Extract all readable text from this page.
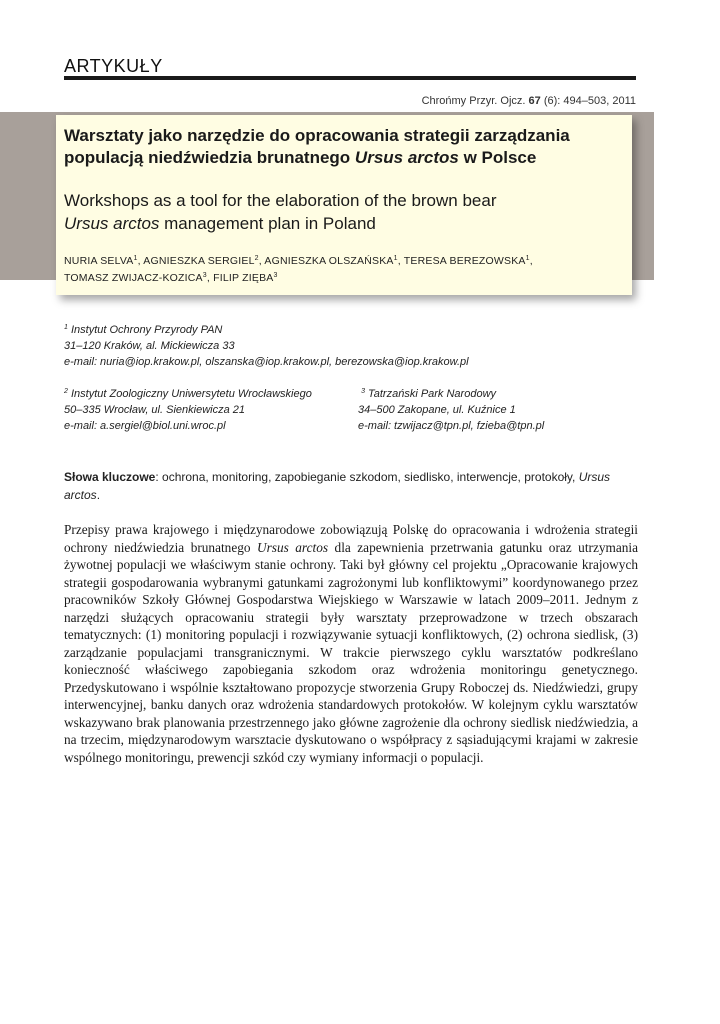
ARTYKUŁY
Chrońmy Przyr. Ojcz. 67 (6): 494–503, 2011
Warsztaty jako narzędzie do opracowania strategii zarządzania
populacją niedźwiedzia brunatnego Ursus arctos w Polsce
Workshops as a tool for the elaboration of the brown bear
Ursus arctos management plan in Poland
NURIA SELVA$^1$, AGNIESZKA SERGIEL$^2$, AGNIESZKA OLSZAŃSKA$^1$, TERESA BEREZOWSKA$^1$,
TOMASZ ZWIJACZ-KOZICA$^3$, FILIP ZIĘBA$^3$
$^1$ Instytut Ochrony Przyrody PAN
31–120 Kraków, al. Mickiewicza 33
e-mail: nuria@iop.krakow.pl, olszanska@iop.krakow.pl, berezowska@iop.krakow.pl
$^2$ Instytut Zoologiczny Uniwersytetu Wrocławskiego
50–335 Wrocław, ul. Sienkiewicza 21
e-mail: a.sergiel@biol.uni.wroc.pl
$^3$ Tatrzański Park Narodowy
34–500 Zakopane, ul. Kuźnice 1
e-mail: tzwijacz@tpn.pl, fzieba@tpn.pl
Słowa kluczowe: ochrona, monitoring, zapobieganie szkodom, siedlisko, interwencje, protokoły, Ursus arctos.
Przepisy prawa krajowego i międzynarodowe zobowiązują Polskę do opracowania i wdrożenia strategii ochrony niedźwiedzia brunatnego Ursus arctos dla zapewnienia przetrwania gatunku oraz utrzymania żywotnej populacji we właściwym stanie ochrony. Taki był główny cel projektu „Opracowanie krajowych strategii gospodarowania wybranymi gatunkami zagrożonymi lub konfliktowymi” koordynowanego przez pracowników Szkoły Głównej Gospodarstwa Wiejskiego w Warszawie w latach 2009–2011. Jednym z narzędzi służących opracowaniu strategii były warsztaty przeprowadzone w trzech obszarach tematycznych: (1) monitoring populacji i rozwiązywanie sytuacji konfliktowych, (2) ochrona siedlisk, (3) zarządzanie populacjami transgranicznymi. W trakcie pierwszego cyklu warsztatów podkreślano konieczność właściwego zapobiegania szkodom oraz wdrożenia monitoringu genetycznego. Przedyskutowano i wspólnie kształtowano propozycje stworzenia Grupy Roboczej ds. Niedźwiedzi, grupy interwencyjnej, banku danych oraz wdrożenia standardowych protokołów. W kolejnym cyklu warsztatów wskazywano brak planowania przestrzennego jako główne zagrożenie dla ochrony siedlisk niedźwiedzia, a na trzecim, międzynarodowym warsztacie dyskutowano o współpracy z sąsiadującymi krajami w zakresie wspólnego monitoringu, prewencji szkód czy wymiany informacji o populacji.
